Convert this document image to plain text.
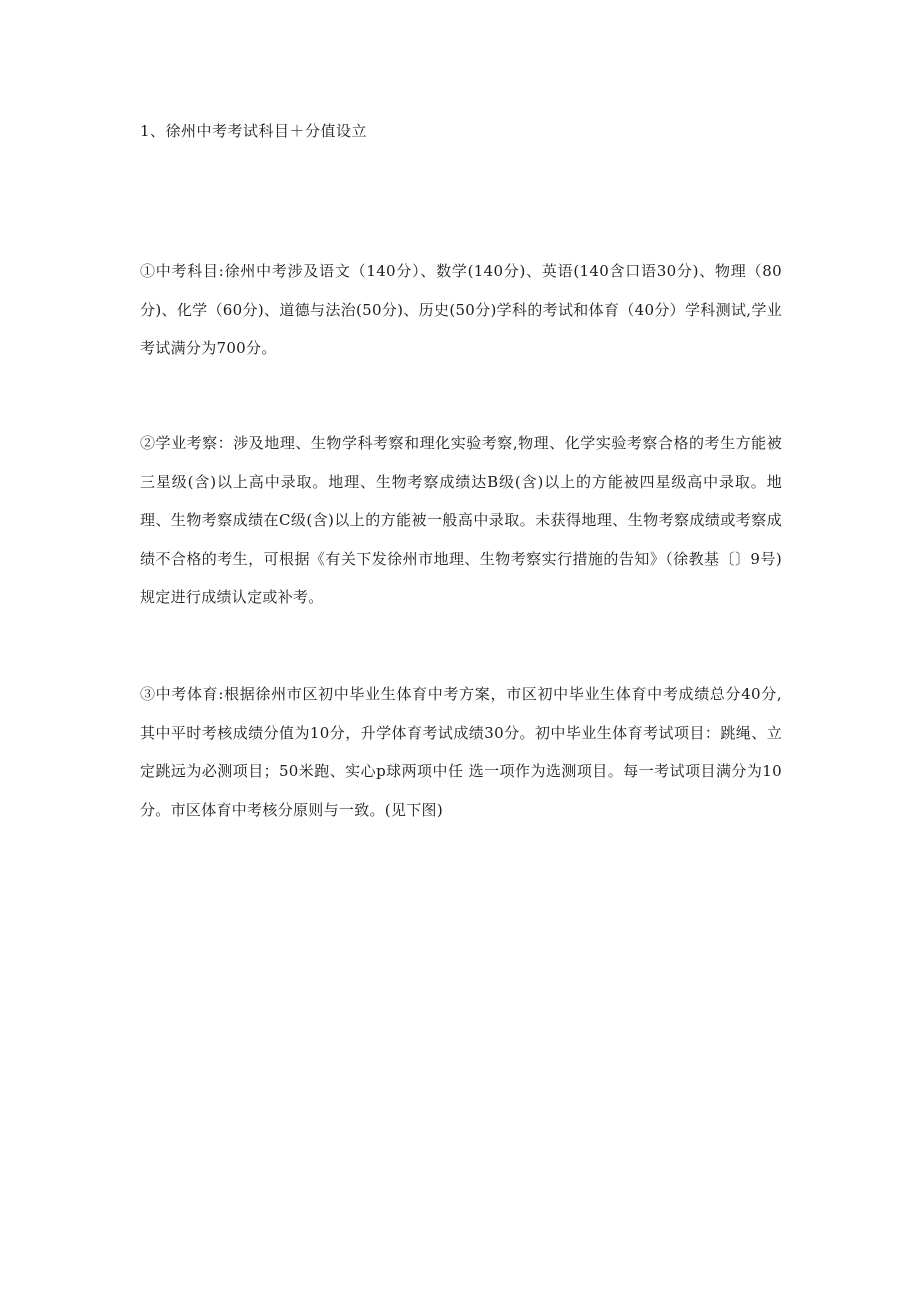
1、徐州中考考试科目＋分值设立

①中考科目:徐州中考涉及语文（140分）、数学(140分)、英语(140含口语30分)、物理（80分)、化学（60分)、道德与法治(50分)、历史(50分)学科的考试和体育（40分）学科测试,学业考试满分为700分。

②学业考察：涉及地理、生物学科考察和理化实验考察,物理、化学实验考察合格的考生方能被三星级(含)以上高中录取。地理、生物考察成绩达B级(含)以上的方能被四星级高中录取。地理、生物考察成绩在C级(含)以上的方能被一般高中录取。未获得地理、生物考察成绩或考察成绩不合格的考生，可根据《有关下发徐州市地理、生物考察实行措施的告知》（徐教基〔〕9号)规定进行成绩认定或补考。

③中考体育:根据徐州市区初中毕业生体育中考方案，市区初中毕业生体育中考成绩总分40分,其中平时考核成绩分值为10分，升学体育考试成绩30分。初中毕业生体育考试项目：跳绳、立定跳远为必测项目；50米跑、实心p球两项中任 选一项作为选测项目。每一考试项目满分为10分。市区体育中考核分原则与一致。(见下图)
